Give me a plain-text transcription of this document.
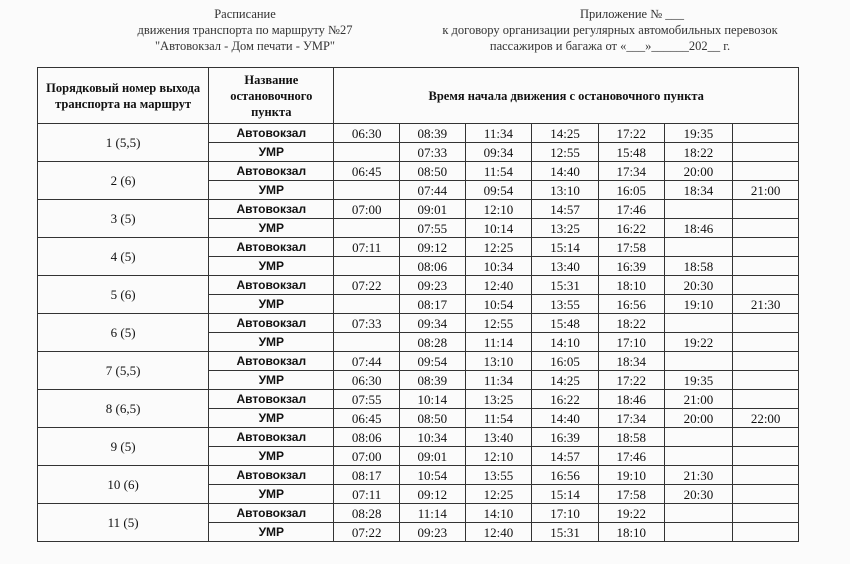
Расписание
движения транспорта по маршруту №27
"Автовокзал - Дом печати - УМР"
Приложение № ___
к договору организации регулярных автомобильных перевозок
пассажиров и багажа от «___»______202__ г.
Порядковый номер выхода транспорта на маршрут	Название остановочного пункта	Время начала движения с остановочного пункта						
1 (5,5)	Автовокзал	06:30	08:39	11:34	14:25	17:22	19:35	
	УМР		07:33	09:34	12:55	15:48	18:22	
2 (6)	Автовокзал	06:45	08:50	11:54	14:40	17:34	20:00	
	УМР		07:44	09:54	13:10	16:05	18:34	21:00
3 (5)	Автовокзал	07:00	09:01	12:10	14:57	17:46		
	УМР		07:55	10:14	13:25	16:22	18:46	
4 (5)	Автовокзал	07:11	09:12	12:25	15:14	17:58		
	УМР		08:06	10:34	13:40	16:39	18:58	
5 (6)	Автовокзал	07:22	09:23	12:40	15:31	18:10	20:30	
	УМР		08:17	10:54	13:55	16:56	19:10	21:30
6 (5)	Автовокзал	07:33	09:34	12:55	15:48	18:22		
	УМР		08:28	11:14	14:10	17:10	19:22	
7 (5,5)	Автовокзал	07:44	09:54	13:10	16:05	18:34		
	УМР	06:30	08:39	11:34	14:25	17:22	19:35	
8 (6,5)	Автовокзал	07:55	10:14	13:25	16:22	18:46	21:00	
	УМР	06:45	08:50	11:54	14:40	17:34	20:00	22:00
9 (5)	Автовокзал	08:06	10:34	13:40	16:39	18:58		
	УМР	07:00	09:01	12:10	14:57	17:46		
10 (6)	Автовокзал	08:17	10:54	13:55	16:56	19:10	21:30	
	УМР	07:11	09:12	12:25	15:14	17:58	20:30	
11 (5)	Автовокзал	08:28	11:14	14:10	17:10	19:22		
	УМР	07:22	09:23	12:40	15:31	18:10		
